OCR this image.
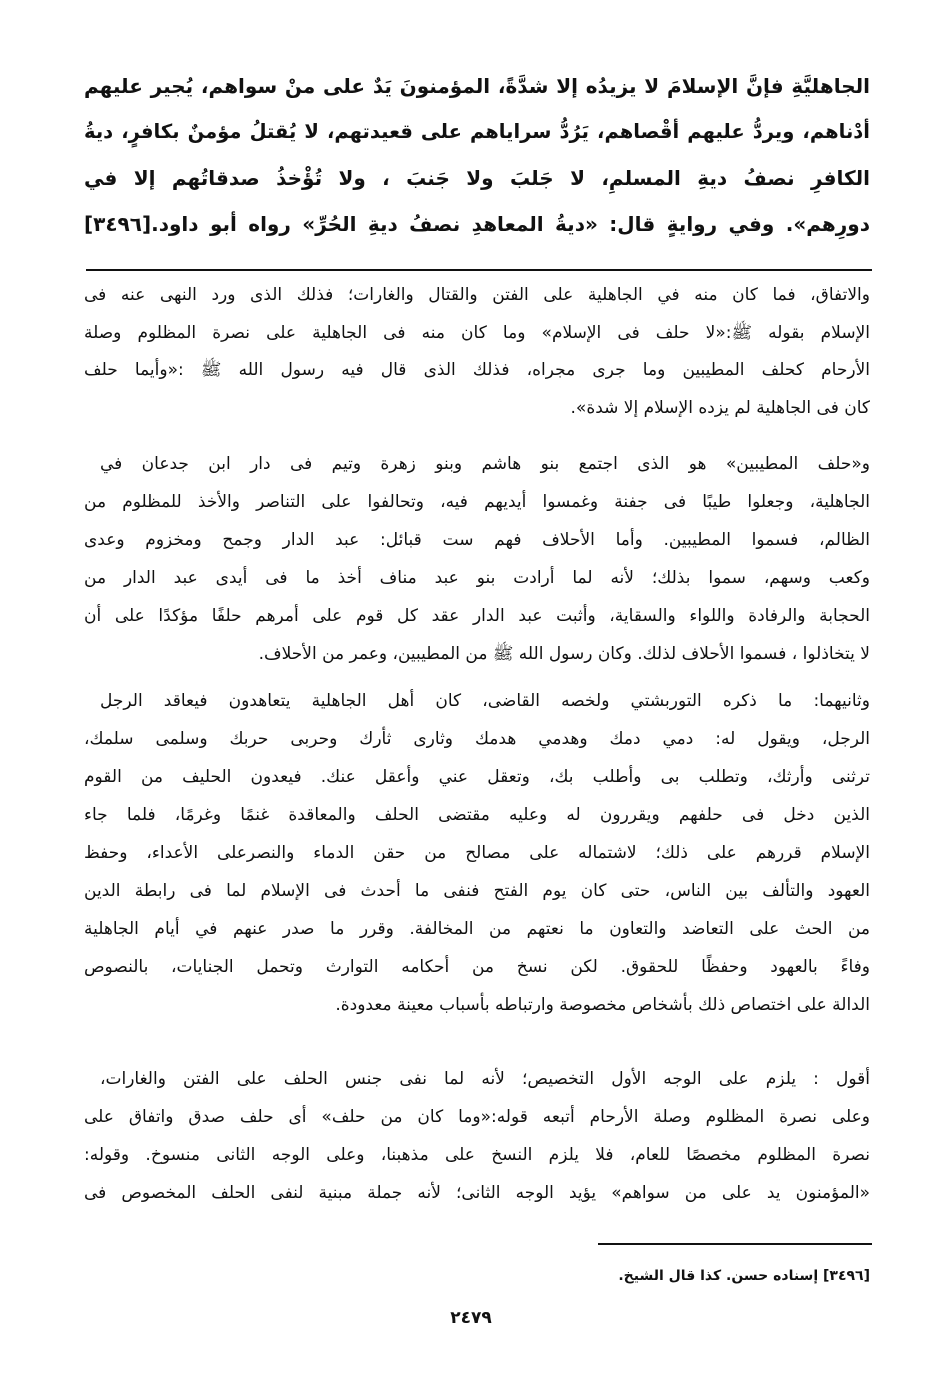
الجاهليَّةِ فإنَّ الإسلامَ لا يزيدُه إلا شدَّةً، المؤمنونَ يَدٌ على منْ سواهم، يُجير عليهم
أدْناهم، ويردُّ عليهم أقْصاهم، يَرُدُّ سراياهم على قعيدتهم، لا يُقتلُ مؤمنٌ بكافرٍ، ديةُ
الكافرِ نصفُ ديةِ المسلمِ، لا جَلبَ ولا جَنبَ ، ولا تُؤْخذُ صدقاتُهم إلا في
دورِهم». وفي روايةٍ قال: «ديةُ المعاهدِ نصفُ ديةِ الحُرِّ» رواه أبو داود.[٣٤٩٦]
والاتفاق، فما كان منه في الجاهلية على الفتن والقتال والغارات؛ فذلك الذى ورد النهى عنه فى
الإسلام بقوله ﷺ:«لا حلف فى الإسلام» وما كان منه فى الجاهلية على نصرة المظلوم وصلة
الأرحام كحلف المطيبين وما جرى مجراه، فذلك الذى قال فيه رسول الله ﷺ :«وأيما حلف
كان فى الجاهلية لم يزده الإسلام إلا شدة».
و«حلف المطيبين» هو الذى اجتمع بنو هاشم وبنو زهرة وتيم فى دار ابن جدعان في
الجاهلية، وجعلوا طيبًا فى جفنة وغمسوا أيديهم فيه، وتحالفوا على التناصر والأخذ للمظلوم من
الظالم، فسموا المطيبين. وأما الأحلاف فهم ست قبائل: عبد الدار وجمح ومخزوم وعدى
وكعب وسهم، سموا بذلك؛ لأنه لما أرادت بنو عبد مناف أخذ ما فى أيدى عبد الدار من
الحجابة والرفادة واللواء والسقاية، وأثبت عبد الدار عقد كل قوم على أمرهم حلفًا مؤكدًا على أن
لا يتخاذلوا ، فسموا الأحلاف لذلك. وكان رسول الله ﷺ من المطيبين، وعمر من الأحلاف.
وثانيهما: ما ذكره التوربشتي ولخصه القاضى، كان أهل الجاهلية يتعاهدون فيعاقد الرجل
الرجل، ويقول له: دمي دمك وهدمي هدمك وثارى ثأرك وحربى حربك وسلمى سلمك،
ترثنى وأرثك، وتطلب بى وأطلب بك، وتعقل عني وأعقل عنك. فيعدون الحليف من القوم
الذين دخل فى حلفهم ويقررون له وعليه مقتضى الحلف والمعاقدة غنمًا وغرمًا، فلما جاء
الإسلام قررهم على ذلك؛ لاشتماله على مصالح من حقن الدماء والنصرعلى الأعداء، وحفظ
العهود والتألف بين الناس، حتى كان يوم الفتح فنفى ما أحدث فى الإسلام لما فى رابطة الدين
من الحث على التعاضد والتعاون ما نعتهم من المخالفة. وقرر ما صدر عنهم في أيام الجاهلية
وفاءً بالعهود وحفظًا للحقوق. لكن نسخ من أحكامه التوارث وتحمل الجنايات، بالنصوص
الدالة على اختصاص ذلك بأشخاص مخصوصة وارتباطه بأسباب معينة معدودة.
أقول : يلزم على الوجه الأول التخصيص؛ لأنه لما نفى جنس الحلف على الفتن والغارات،
وعلى نصرة المظلوم وصلة الأرحام أتبعه قوله:«وما كان من حلف» أى حلف صدق واتفاق على
نصرة المظلوم مخصصًا للعام، فلا يلزم النسخ على مذهبنا، وعلى الوجه الثانى منسوخ. وقوله:
«المؤمنون يد على من سواهم» يؤيد الوجه الثانى؛ لأنه جملة مبنية لنفى الحلف المخصوص فى
[٣٤٩٦] إسناده حسن. كذا قال الشيخ.
٢٤٧٩
